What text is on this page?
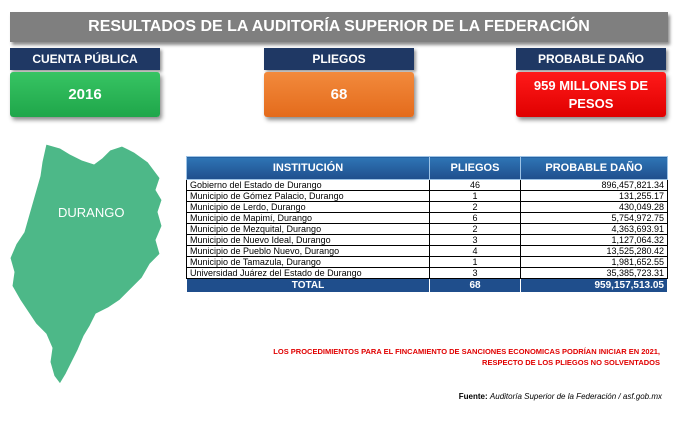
RESULTADOS DE LA AUDITORÍA SUPERIOR DE LA FEDERACIÓN
CUENTA PÚBLICA
2016
PLIEGOS
68
PROBABLE DAÑO
959 MILLONES DE PESOS
DURANGO
INSTITUCIÓN	PLIEGOS	PROBABLE DAÑO
Gobierno del Estado de Durango	46	896,457,821.34
Municipio de Gómez Palacio, Durango	1	131,255.17
Municipio de Lerdo, Durango	2	430,049.28
Municipio de Mapimí, Durango	6	5,754,972.75
Municipio de Mezquital, Durango	2	4,363,693.91
Municipio de Nuevo Ideal, Durango	3	1,127,064.32
Municipio de Pueblo Nuevo, Durango	4	13,525,280.42
Municipio de Tamazula, Durango	1	1,981,652.55
Universidad Juárez del Estado de Durango	3	35,385,723.31
TOTAL	68	959,157,513.05
LOS PROCEDIMIENTOS PARA EL FINCAMIENTO DE SANCIONES ECONOMICAS PODRÍAN INICIAR EN 2021,
RESPECTO DE LOS PLIEGOS NO SOLVENTADOS
Fuente: Auditoría Superior de la Federación / asf.gob.mx
